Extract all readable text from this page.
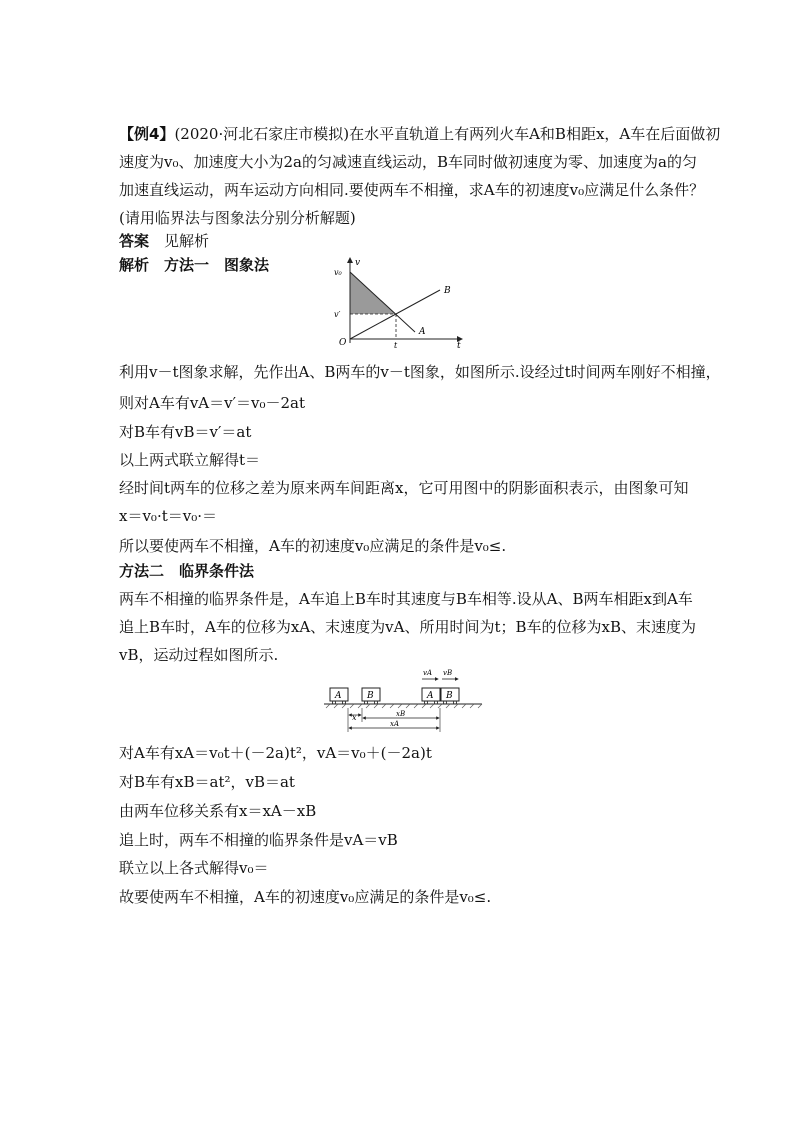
【例4】(2020·河北石家庄市模拟)在水平直轨道上有两列火车A和B相距x，A车在后面做初
速度为v₀、加速度大小为2a的匀减速直线运动，B车同时做初速度为零、加速度为a的匀
加速直线运动，两车运动方向相同.要使两车不相撞，求A车的初速度v₀应满足什么条件？
(请用临界法与图象法分别分析解题)
答案　 见解析
解析　 方法一　图象法	v
v₀
v′
O	t	t
B
A
利用v－t图象求解，先作出A、B两车的v－t图象，如图所示.设经过t时间两车刚好不相撞，
则对A车有vA＝v′＝v₀－2at
对B车有vB＝v′＝at
以上两式联立解得t＝
经时间t两车的位移之差为原来两车间距离x，它可用图中的阴影面积表示，由图象可知
x＝v₀·t＝v₀·＝
所以要使两车不相撞，A车的初速度v₀应满足的条件是v₀≤.
方法二　临界条件法
两车不相撞的临界条件是，A车追上B车时其速度与B车相等.设从A、B两车相距x到A车
追上B车时，A车的位移为xA、末速度为vA、所用时间为t；B车的位移为xB、末速度为
vB，运动过程如图所示.
A	B	A B
vA vB
x	xB
xA
对A车有xA＝v₀t＋(－2a)t²，vA＝v₀＋(－2a)t
对B车有xB＝at²，vB＝at
由两车位移关系有x＝xA－xB
追上时，两车不相撞的临界条件是vA＝vB
联立以上各式解得v₀＝
故要使两车不相撞，A车的初速度v₀应满足的条件是v₀≤.
